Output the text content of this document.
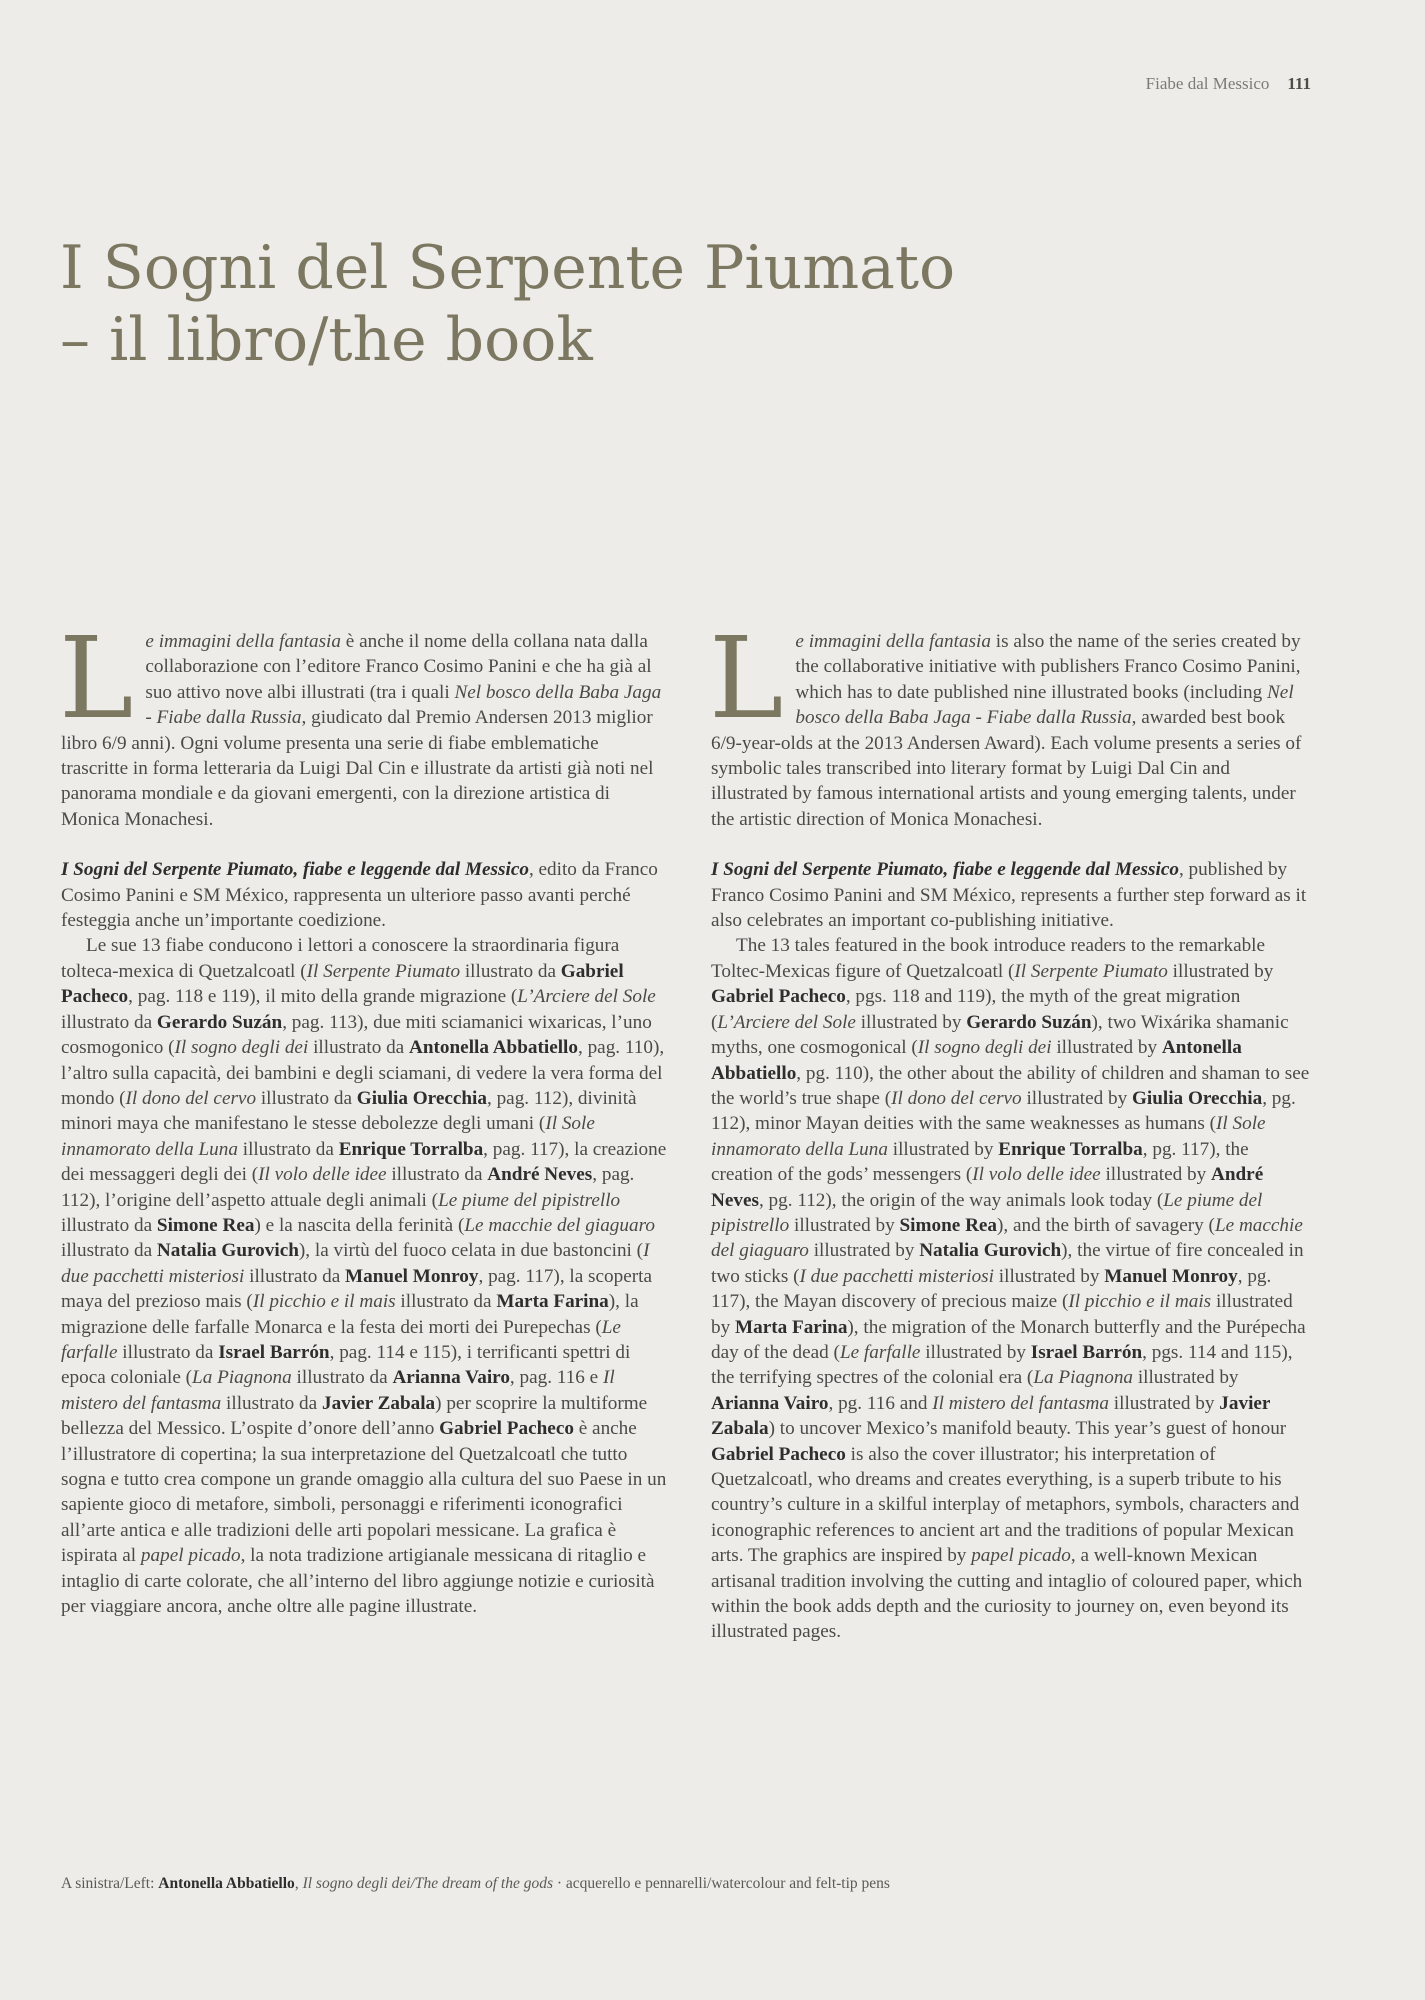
Fiabe dal Messico 111
I Sogni del Serpente Piumato
– il libro/the book

Le immagini della fantasia è anche il nome della collana nata dalla collaborazione con l’editore Franco Cosimo Panini e che ha già al suo attivo nove albi illustrati (tra i quali Nel bosco della Baba Jaga - Fiabe dalla Russia, giudicato dal Premio Andersen 2013 miglior libro 6/9 anni). Ogni volume presenta una serie di fiabe emblematiche trascritte in forma letteraria da Luigi Dal Cin e illustrate da artisti già noti nel panorama mondiale e da giovani emergenti, con la direzione artistica di Monica Monachesi.

I Sogni del Serpente Piumato, fiabe e leggende dal Messico, edito da Franco Cosimo Panini e SM México, rappresenta un ulteriore passo avanti perché festeggia anche un’importante coedizione.

Le sue 13 fiabe conducono i lettori a conoscere la straordinaria figura tolteca-mexica di Quetzalcoatl (Il Serpente Piumato illustrato da Gabriel Pacheco, pag. 118 e 119), il mito della grande migrazione (L’Arciere del Sole illustrato da Gerardo Suzán, pag. 113), due miti sciamanici wixaricas, l’uno cosmogonico (Il sogno degli dei illustrato da Antonella Abbatiello, pag. 110), l’altro sulla capacità, dei bambini e degli sciamani, di vedere la vera forma del mondo (Il dono del cervo illustrato da Giulia Orecchia, pag. 112), divinità minori maya che manifestano le stesse debolezze degli umani (Il Sole innamorato della Luna illustrato da Enrique Torralba, pag. 117), la creazione dei messaggeri degli dei (Il volo delle idee illustrato da André Neves, pag. 112), l’origine dell’aspetto attuale degli animali (Le piume del pipistrello illustrato da Simone Rea) e la nascita della ferinità (Le macchie del giaguaro illustrato da Natalia Gurovich), la virtù del fuoco celata in due bastoncini (I due pacchetti misteriosi illustrato da Manuel Monroy, pag. 117), la scoperta maya del prezioso mais (Il picchio e il mais illustrato da Marta Farina), la migrazione delle farfalle Monarca e la festa dei morti dei Purepechas (Le farfalle illustrato da Israel Barrón, pag. 114 e 115), i terrificanti spettri di epoca coloniale (La Piagnona illustrato da Arianna Vairo, pag. 116 e Il mistero del fantasma illustrato da Javier Zabala) per scoprire la multiforme bellezza del Messico. L’ospite d’onore dell’anno Gabriel Pacheco è anche l’illustratore di copertina; la sua interpretazione del Quetzalcoatl che tutto sogna e tutto crea compone un grande omaggio alla cultura del suo Paese in un sapiente gioco di metafore, simboli, personaggi e riferimenti iconografici all’arte antica e alle tradizioni delle arti popolari messicane. La grafica è ispirata al papel picado, la nota tradizione artigianale messicana di ritaglio e intaglio di carte colorate, che all’interno del libro aggiunge notizie e curiosità per viaggiare ancora, anche oltre alle pagine illustrate.

Le immagini della fantasia is also the name of the series created by the collaborative initiative with publishers Franco Cosimo Panini, which has to date published nine illustrated books (including Nel bosco della Baba Jaga - Fiabe dalla Russia, awarded best book 6/9-year-olds at the 2013 Andersen Award). Each volume presents a series of symbolic tales transcribed into literary format by Luigi Dal Cin and illustrated by famous international artists and young emerging talents, under the artistic direction of Monica Monachesi.

I Sogni del Serpente Piumato, fiabe e leggende dal Messico, published by Franco Cosimo Panini and SM México, represents a further step forward as it also celebrates an important co-publishing initiative.

The 13 tales featured in the book introduce readers to the remarkable Toltec-Mexicas figure of Quetzalcoatl (Il Serpente Piumato illustrated by Gabriel Pacheco, pgs. 118 and 119), the myth of the great migration (L’Arciere del Sole illustrated by Gerardo Suzán), two Wixárika shamanic myths, one cosmogonical (Il sogno degli dei illustrated by Antonella Abbatiello, pg. 110), the other about the ability of children and shaman to see the world’s true shape (Il dono del cervo illustrated by Giulia Orecchia, pg. 112), minor Mayan deities with the same weaknesses as humans (Il Sole innamorato della Luna illustrated by Enrique Torralba, pg. 117), the creation of the gods’ messengers (Il volo delle idee illustrated by André Neves, pg. 112), the origin of the way animals look today (Le piume del pipistrello illustrated by Simone Rea), and the birth of savagery (Le macchie del giaguaro illustrated by Natalia Gurovich), the virtue of fire concealed in two sticks (I due pacchetti misteriosi illustrated by Manuel Monroy, pg. 117), the Mayan discovery of precious maize (Il picchio e il mais illustrated by Marta Farina), the migration of the Monarch butterfly and the Purépecha day of the dead (Le farfalle illustrated by Israel Barrón, pgs. 114 and 115), the terrifying spectres of the colonial era (La Piagnona illustrated by Arianna Vairo, pg. 116 and Il mistero del fantasma illustrated by Javier Zabala) to uncover Mexico’s manifold beauty. This year’s guest of honour Gabriel Pacheco is also the cover illustrator; his interpretation of Quetzalcoatl, who dreams and creates everything, is a superb tribute to his country’s culture in a skilful interplay of metaphors, symbols, characters and iconographic references to ancient art and the traditions of popular Mexican arts. The graphics are inspired by papel picado, a well-known Mexican artisanal tradition involving the cutting and intaglio of coloured paper, which within the book adds depth and the curiosity to journey on, even beyond its illustrated pages.

A sinistra/Left: Antonella Abbatiello, Il sogno degli dei/The dream of the gods · acquerello e pennarelli/watercolour and felt-tip pens
